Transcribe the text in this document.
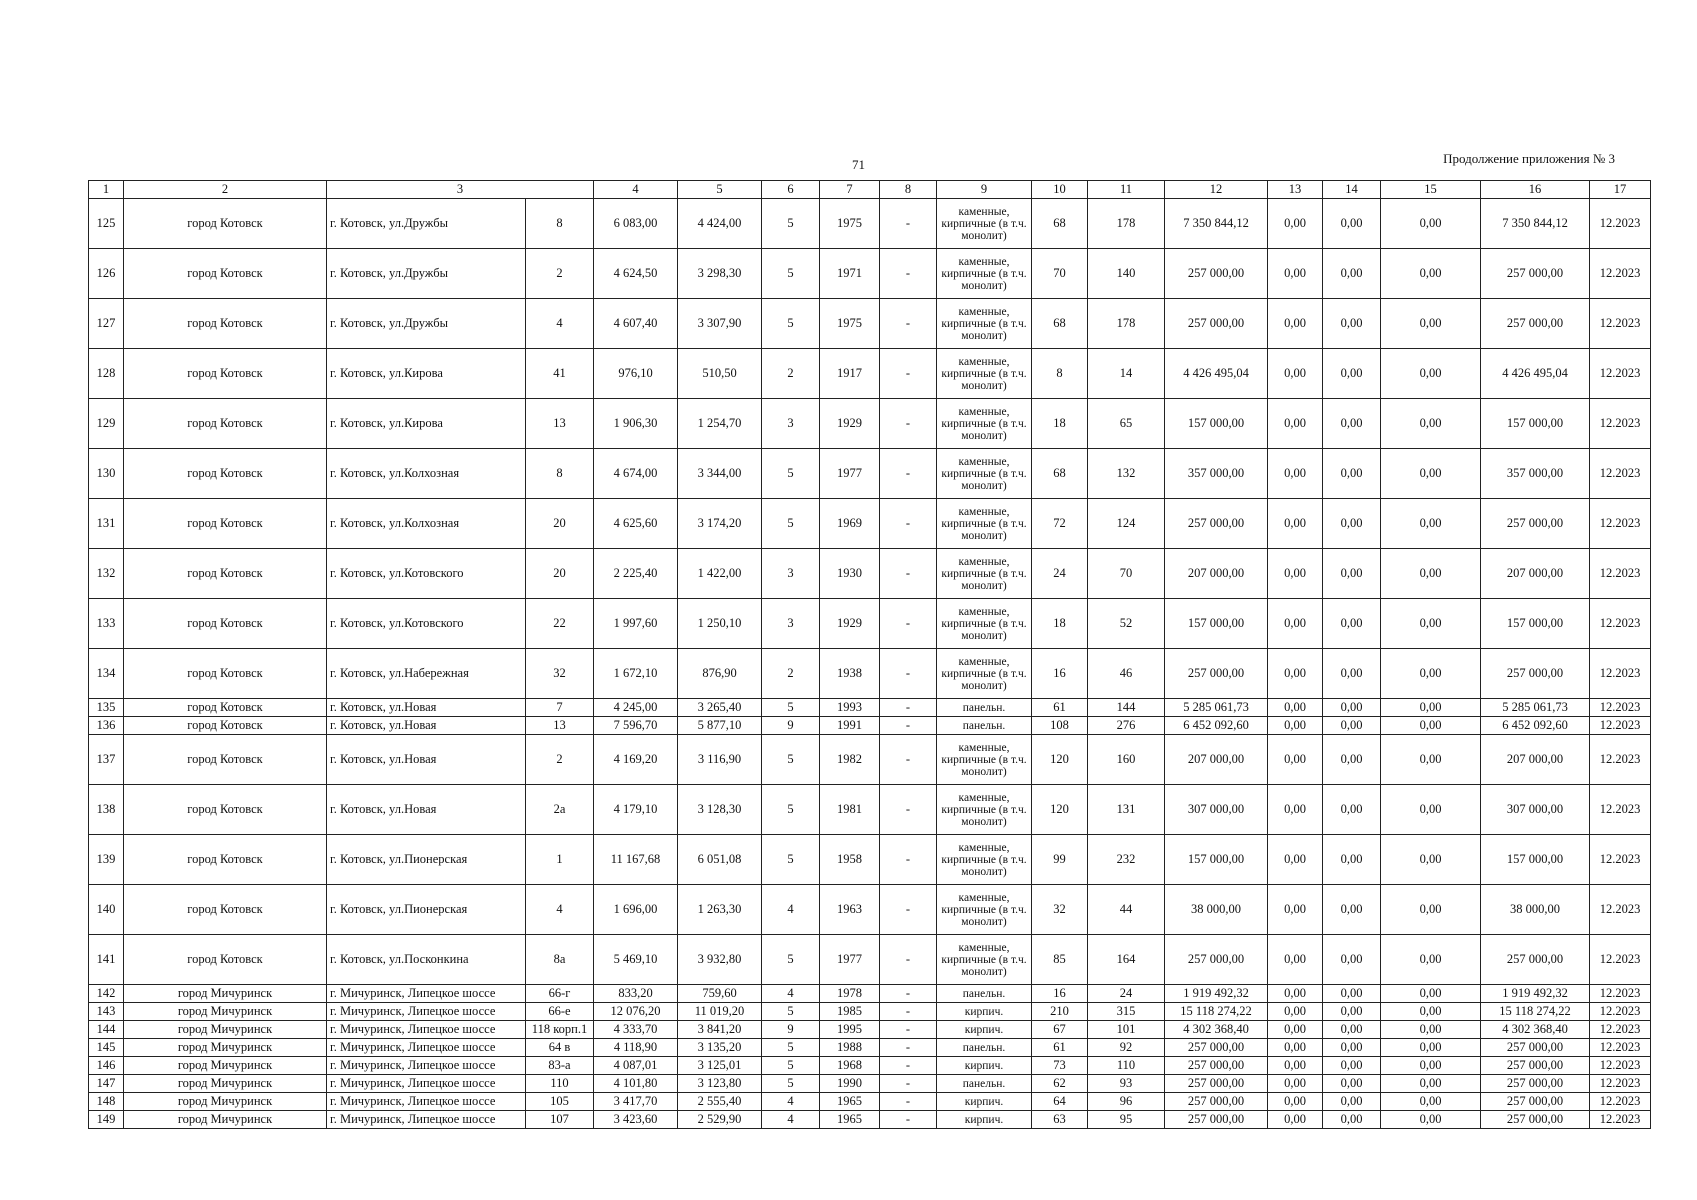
71	Продолжение приложения № 3
1	2	3		4	5	6	7	8	9	10	11	12	13	14	15	16	17
125	город Котовск	г. Котовск, ул.Дружбы	8	6 083,00	4 424,00	5	1975	-	каменные, кирпичные (в т.ч. монолит)	68	178	7 350 844,12	0,00	0,00	0,00	7 350 844,12	12.2023
126	город Котовск	г. Котовск, ул.Дружбы	2	4 624,50	3 298,30	5	1971	-	каменные, кирпичные (в т.ч. монолит)	70	140	257 000,00	0,00	0,00	0,00	257 000,00	12.2023
127	город Котовск	г. Котовск, ул.Дружбы	4	4 607,40	3 307,90	5	1975	-	каменные, кирпичные (в т.ч. монолит)	68	178	257 000,00	0,00	0,00	0,00	257 000,00	12.2023
128	город Котовск	г. Котовск, ул.Кирова	41	976,10	510,50	2	1917	-	каменные, кирпичные (в т.ч. монолит)	8	14	4 426 495,04	0,00	0,00	0,00	4 426 495,04	12.2023
129	город Котовск	г. Котовск, ул.Кирова	13	1 906,30	1 254,70	3	1929	-	каменные, кирпичные (в т.ч. монолит)	18	65	157 000,00	0,00	0,00	0,00	157 000,00	12.2023
130	город Котовск	г. Котовск, ул.Колхозная	8	4 674,00	3 344,00	5	1977	-	каменные, кирпичные (в т.ч. монолит)	68	132	357 000,00	0,00	0,00	0,00	357 000,00	12.2023
131	город Котовск	г. Котовск, ул.Колхозная	20	4 625,60	3 174,20	5	1969	-	каменные, кирпичные (в т.ч. монолит)	72	124	257 000,00	0,00	0,00	0,00	257 000,00	12.2023
132	город Котовск	г. Котовск, ул.Котовского	20	2 225,40	1 422,00	3	1930	-	каменные, кирпичные (в т.ч. монолит)	24	70	207 000,00	0,00	0,00	0,00	207 000,00	12.2023
133	город Котовск	г. Котовск, ул.Котовского	22	1 997,60	1 250,10	3	1929	-	каменные, кирпичные (в т.ч. монолит)	18	52	157 000,00	0,00	0,00	0,00	157 000,00	12.2023
134	город Котовск	г. Котовск, ул.Набережная	32	1 672,10	876,90	2	1938	-	каменные, кирпичные (в т.ч. монолит)	16	46	257 000,00	0,00	0,00	0,00	257 000,00	12.2023
135	город Котовск	г. Котовск, ул.Новая	7	4 245,00	3 265,40	5	1993	-	панельн.	61	144	5 285 061,73	0,00	0,00	0,00	5 285 061,73	12.2023
136	город Котовск	г. Котовск, ул.Новая	13	7 596,70	5 877,10	9	1991	-	панельн.	108	276	6 452 092,60	0,00	0,00	0,00	6 452 092,60	12.2023
137	город Котовск	г. Котовск, ул.Новая	2	4 169,20	3 116,90	5	1982	-	каменные, кирпичные (в т.ч. монолит)	120	160	207 000,00	0,00	0,00	0,00	207 000,00	12.2023
138	город Котовск	г. Котовск, ул.Новая	2а	4 179,10	3 128,30	5	1981	-	каменные, кирпичные (в т.ч. монолит)	120	131	307 000,00	0,00	0,00	0,00	307 000,00	12.2023
139	город Котовск	г. Котовск, ул.Пионерская	1	11 167,68	6 051,08	5	1958	-	каменные, кирпичные (в т.ч. монолит)	99	232	157 000,00	0,00	0,00	0,00	157 000,00	12.2023
140	город Котовск	г. Котовск, ул.Пионерская	4	1 696,00	1 263,30	4	1963	-	каменные, кирпичные (в т.ч. монолит)	32	44	38 000,00	0,00	0,00	0,00	38 000,00	12.2023
141	город Котовск	г. Котовск, ул.Посконкина	8а	5 469,10	3 932,80	5	1977	-	каменные, кирпичные (в т.ч. монолит)	85	164	257 000,00	0,00	0,00	0,00	257 000,00	12.2023
142	город Мичуринск	г. Мичуринск, Липецкое шоссе	66-г	833,20	759,60	4	1978	-	панельн.	16	24	1 919 492,32	0,00	0,00	0,00	1 919 492,32	12.2023
143	город Мичуринск	г. Мичуринск, Липецкое шоссе	66-е	12 076,20	11 019,20	5	1985	-	кирпич.	210	315	15 118 274,22	0,00	0,00	0,00	15 118 274,22	12.2023
144	город Мичуринск	г. Мичуринск, Липецкое шоссе	118 корп.1	4 333,70	3 841,20	9	1995	-	кирпич.	67	101	4 302 368,40	0,00	0,00	0,00	4 302 368,40	12.2023
145	город Мичуринск	г. Мичуринск, Липецкое шоссе	64 в	4 118,90	3 135,20	5	1988	-	панельн.	61	92	257 000,00	0,00	0,00	0,00	257 000,00	12.2023
146	город Мичуринск	г. Мичуринск, Липецкое шоссе	83-а	4 087,01	3 125,01	5	1968	-	кирпич.	73	110	257 000,00	0,00	0,00	0,00	257 000,00	12.2023
147	город Мичуринск	г. Мичуринск, Липецкое шоссе	110	4 101,80	3 123,80	5	1990	-	панельн.	62	93	257 000,00	0,00	0,00	0,00	257 000,00	12.2023
148	город Мичуринск	г. Мичуринск, Липецкое шоссе	105	3 417,70	2 555,40	4	1965	-	кирпич.	64	96	257 000,00	0,00	0,00	0,00	257 000,00	12.2023
149	город Мичуринск	г. Мичуринск, Липецкое шоссе	107	3 423,60	2 529,90	4	1965	-	кирпич.	63	95	257 000,00	0,00	0,00	0,00	257 000,00	12.2023
